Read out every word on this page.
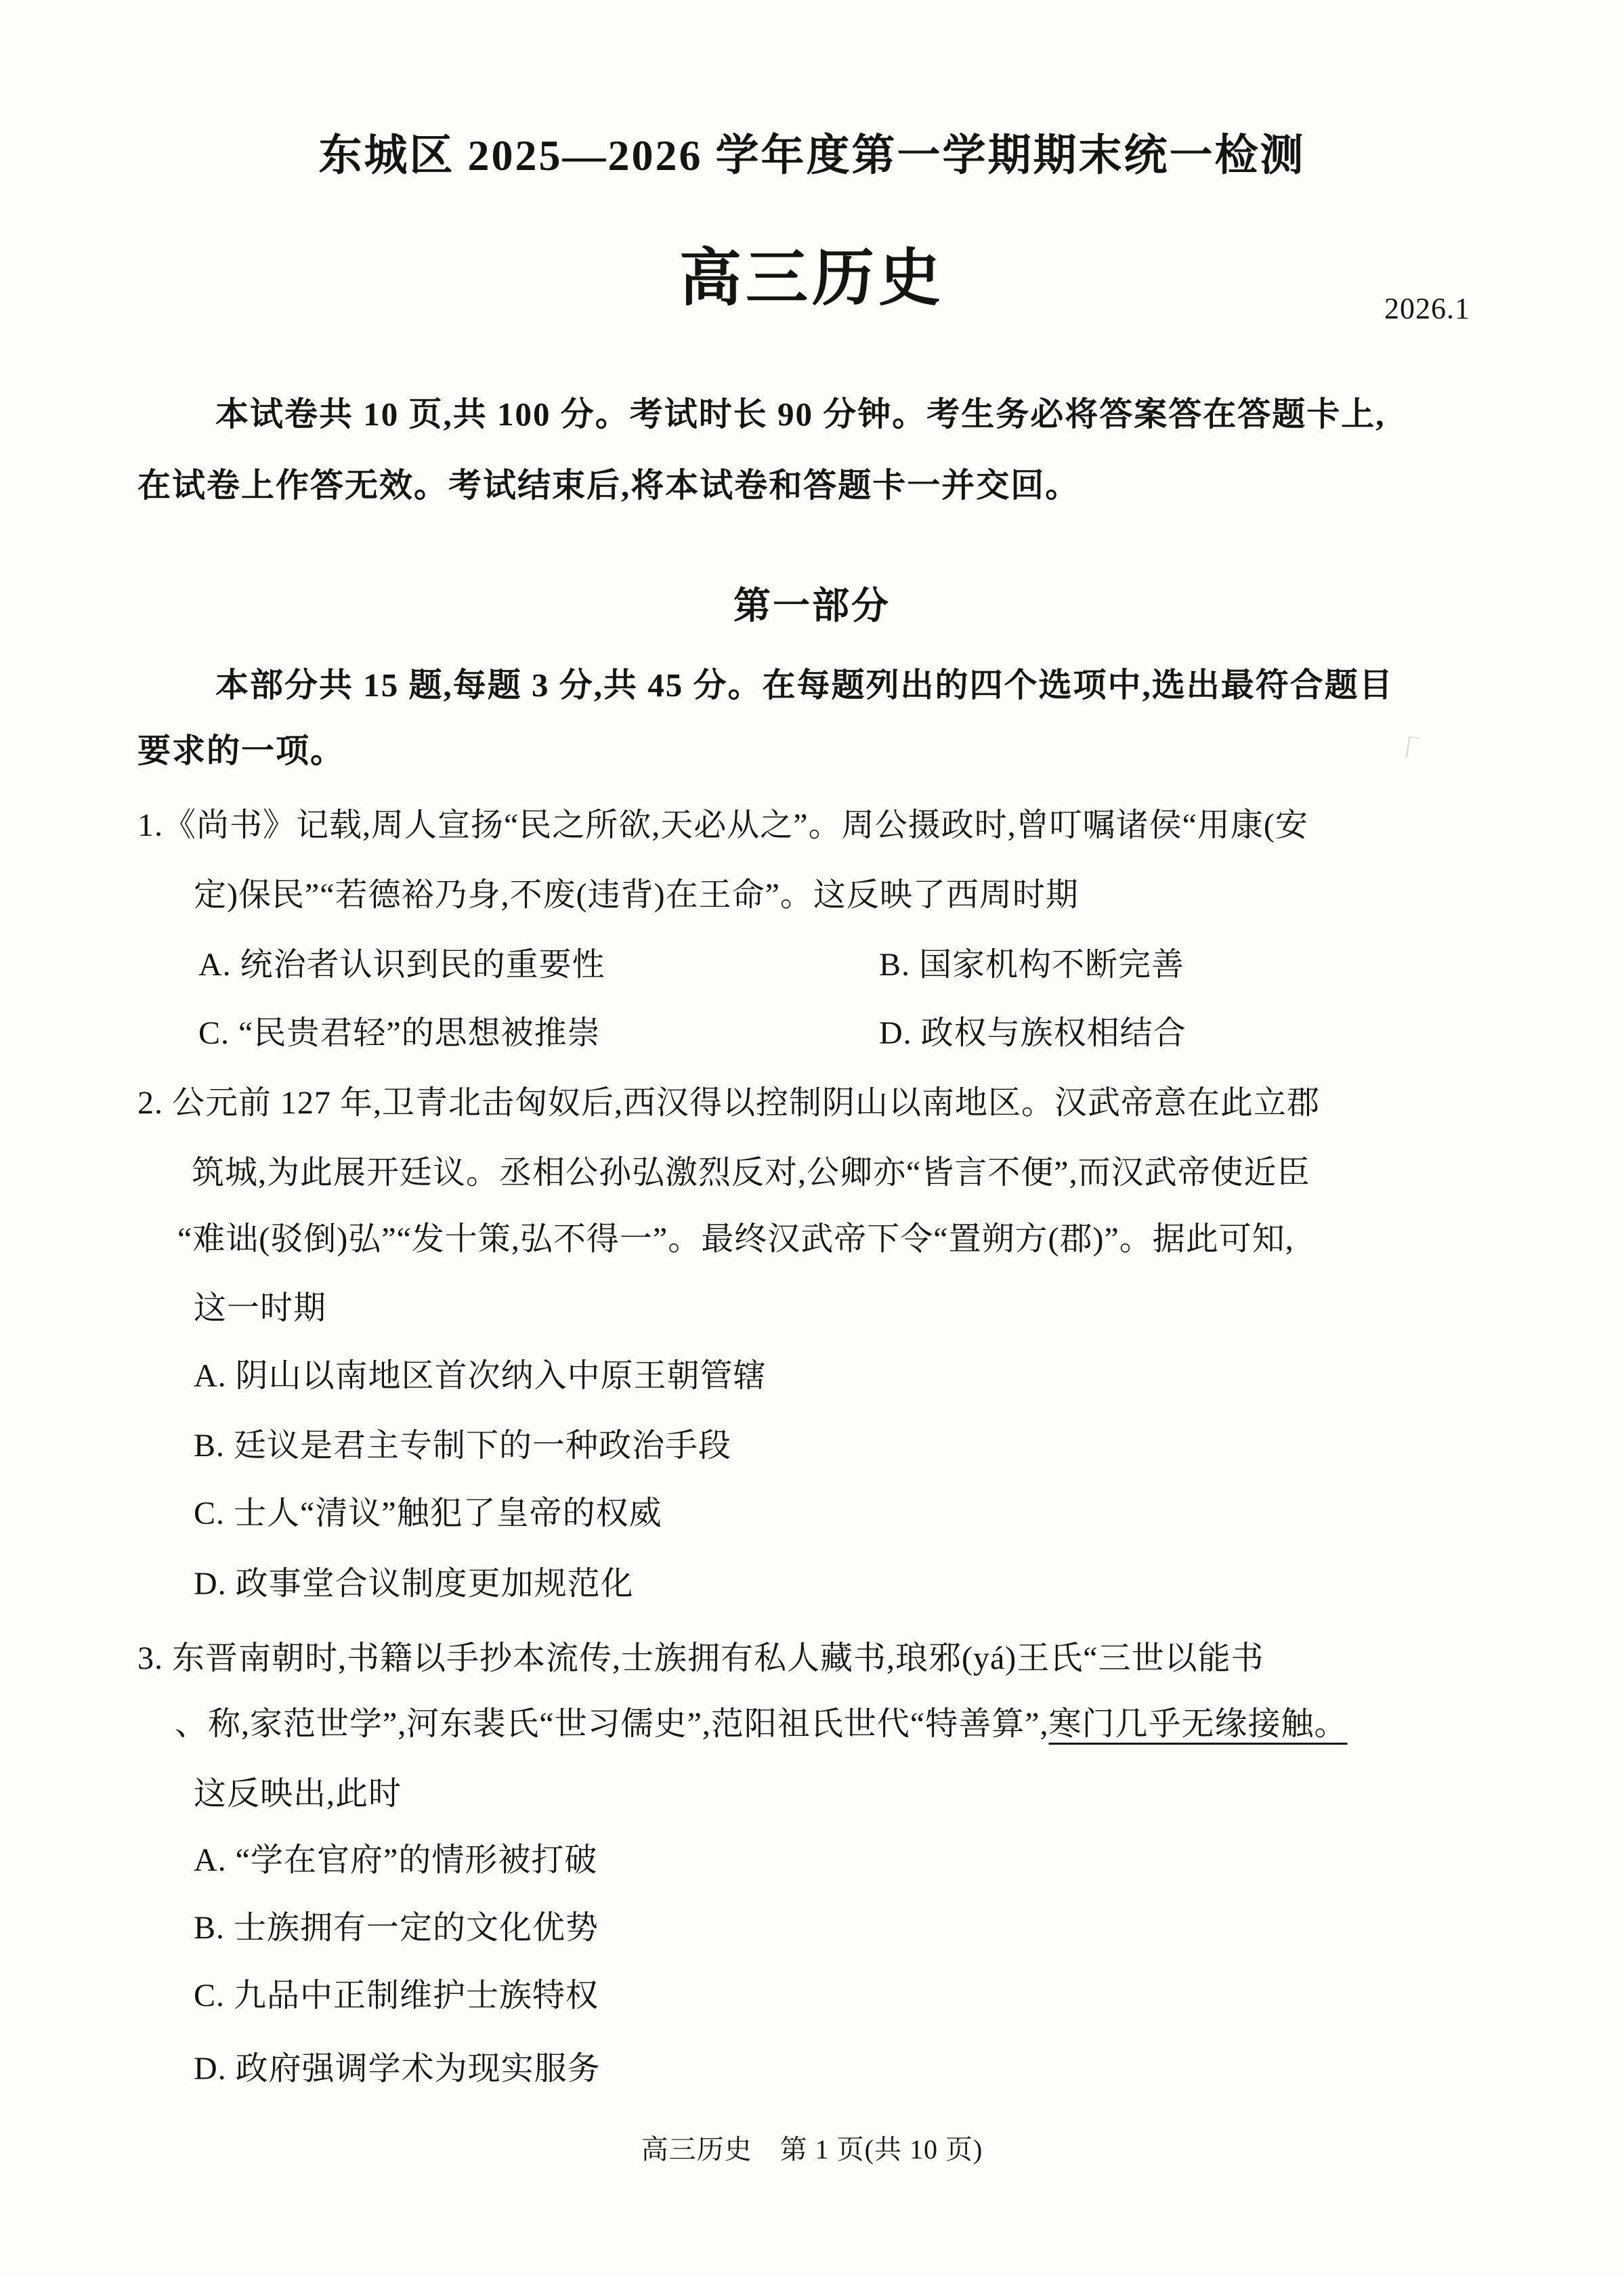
东城区 2025—2026 学年度第一学期期末统一检测
高三历史	2026.1
本试卷共 10 页,共 100 分。考试时长 90 分钟。考生务必将答案答在答题卡上,
在试卷上作答无效。考试结束后,将本试卷和答题卡一并交回。
第一部分
本部分共 15 题,每题 3 分,共 45 分。在每题列出的四个选项中,选出最符合题目
要求的一项。
1.《尚书》记载,周人宣扬“民之所欲,天必从之”。周公摄政时,曾叮嘱诸侯“用康(安
定)保民”“若德裕乃身,不废(违背)在王命”。这反映了西周时期
A. 统治者认识到民的重要性	B. 国家机构不断完善
C. “民贵君轻”的思想被推崇	D. 政权与族权相结合
2. 公元前 127 年,卫青北击匈奴后,西汉得以控制阴山以南地区。汉武帝意在此立郡
筑城,为此展开廷议。丞相公孙弘激烈反对,公卿亦“皆言不便”,而汉武帝使近臣
“难诎(驳倒)弘”“发十策,弘不得一”。最终汉武帝下令“置朔方(郡)”。据此可知,
这一时期
A. 阴山以南地区首次纳入中原王朝管辖
B. 廷议是君主专制下的一种政治手段
C. 士人“清议”触犯了皇帝的权威
D. 政事堂合议制度更加规范化
3. 东晋南朝时,书籍以手抄本流传,士族拥有私人藏书,琅邪(yá)王氏“三世以能书
、称,家范世学”,河东裴氏“世习儒史”,范阳祖氏世代“特善算”,寒门几乎无缘接触。
这反映出,此时
A. “学在官府”的情形被打破
B. 士族拥有一定的文化优势
C. 九品中正制维护士族特权
D. 政府强调学术为现实服务
高三历史　第 1 页(共 10 页)
